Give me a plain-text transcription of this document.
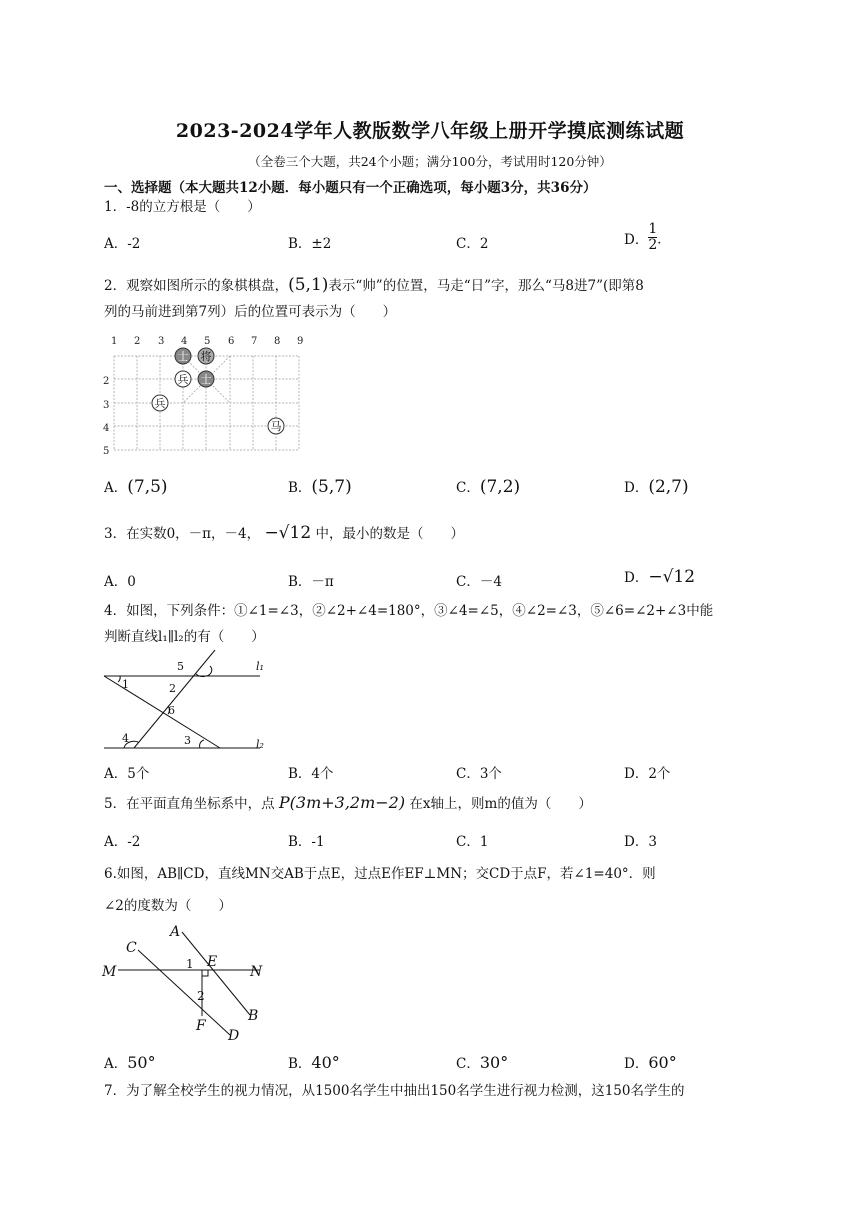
2023-2024学年人教版数学八年级上册开学摸底测练试题
（全卷三个大题，共24个小题；满分100分，考试用时120分钟）
一、选择题（本大题共12小题．每小题只有一个正确选项，每小题3分，共36分）
1．-8的立方根是（　　）
A．-2	B．±2	C．2	D． $\frac{1}{2}$ ．
2．观察如图所示的象棋棋盘，(5,1)表示“帅”的位置，马走“日”字，那么“马8进7”(即第8
列的马前进到第7列）后的位置可表示为（　　）
1 2 3 4 5 6 7 8 9
2
3
4
5
士 将
兵 士
兵
马
A．(7,5)	B．(5,7)	C．(7,2)	D．(2,7)
3．在实数0，－π，－4， −√12 中，最小的数是（　　）
A．0	B．－π	C．－4	D．−√12
4．如图，下列条件：①∠1=∠3，②∠2+∠4=180°，③∠4=∠5，④∠2=∠3，⑤∠6=∠2+∠3中能
判断直线l₁∥l₂的有（　　）
5
1	2
6
4	3
l₁
l₂
A．5个	B．4个	C．3个	D．2个
5．在平面直角坐标系中，点 P(3m+3,2m−2) 在x轴上，则m的值为（　　）
A．-2	B．-1	C．1	D．3
6.如图，AB∥CD，直线MN交AB于点E，过点E作EF⊥MN；交CD于点F，若∠1=40°．则
∠2的度数为（　　）
A
C
M	1 E
N
2
B
F
D
A．50°	B．40°	C．30°	D．60°
7．为了解全校学生的视力情况，从1500名学生中抽出150名学生进行视力检测，这150名学生的
